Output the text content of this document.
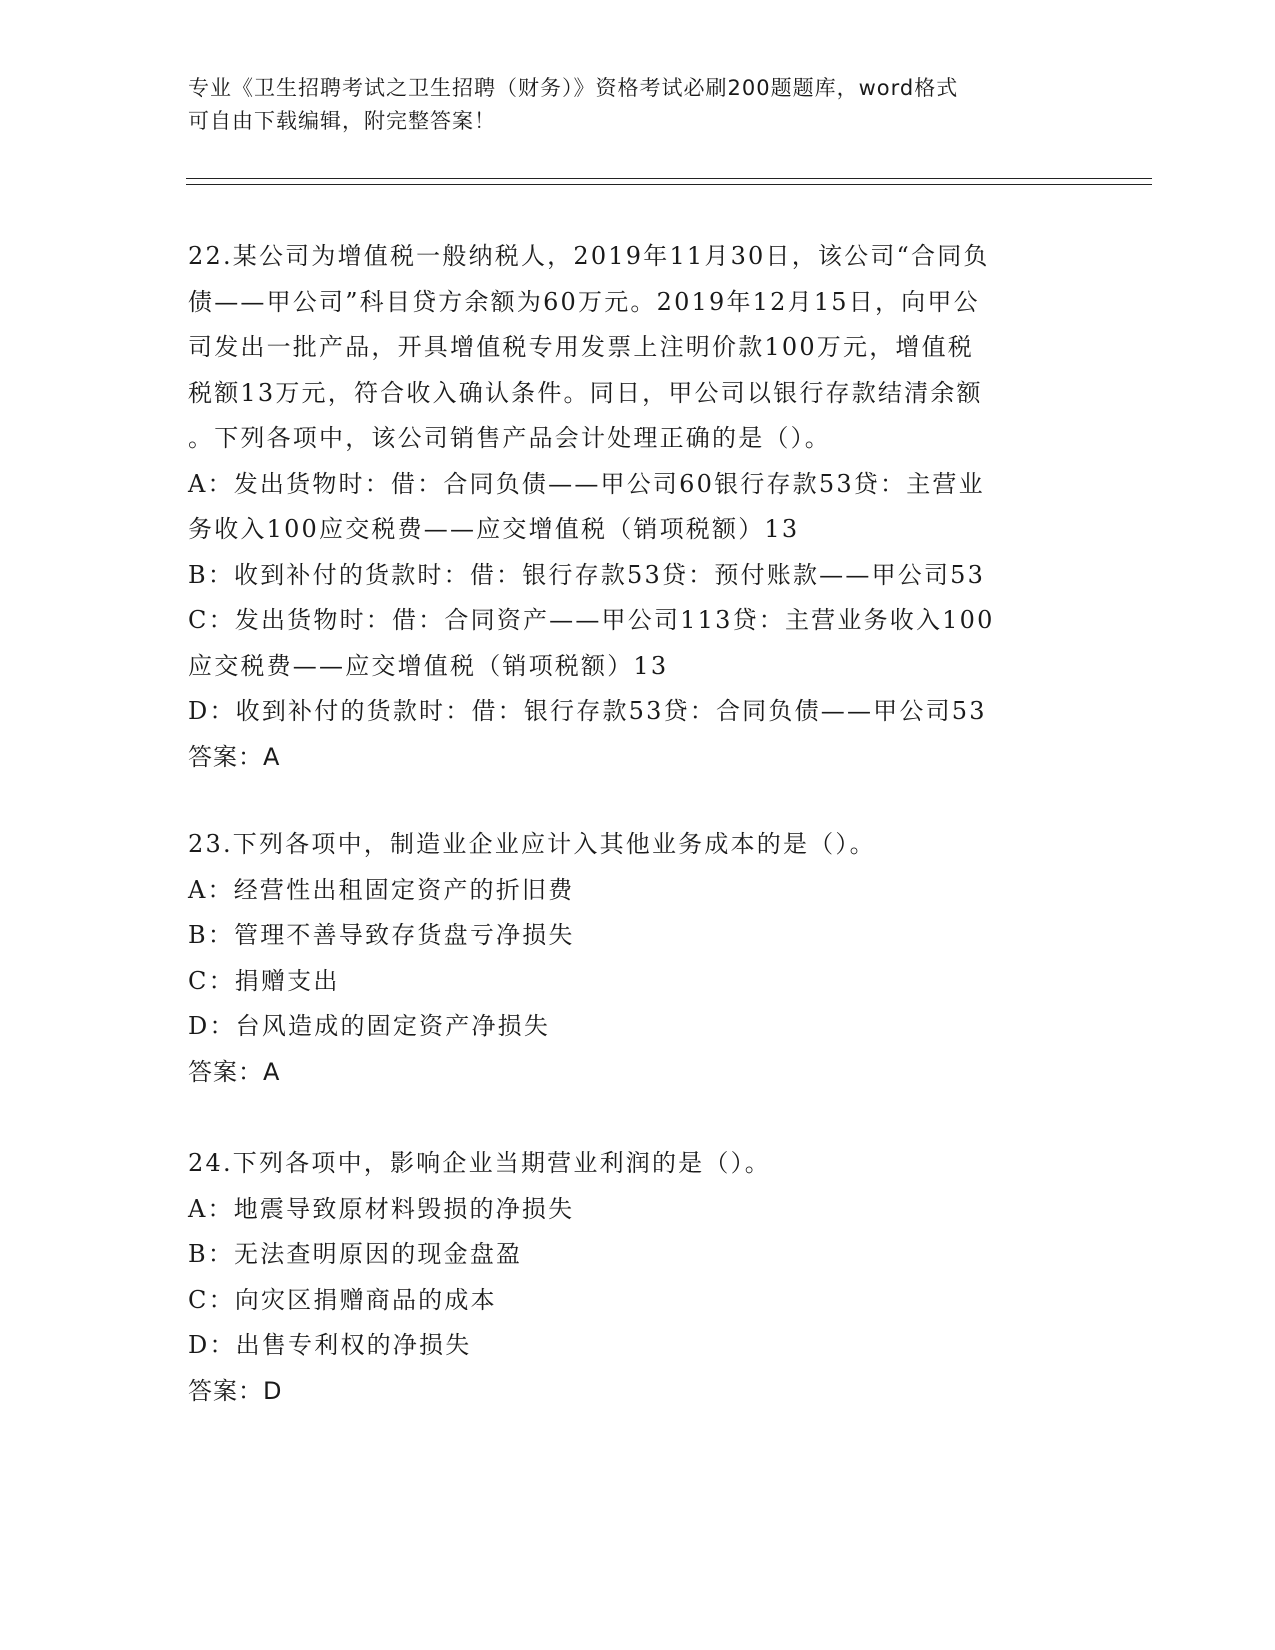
专业《卫生招聘考试之卫生招聘（财务）》资格考试必刷200题题库，word格式
可自由下载编辑，附完整答案！
22.某公司为增值税一般纳税人，2019年11月30日，该公司“合同负
债——甲公司”科目贷方余额为60万元。2019年12月15日，向甲公
司发出一批产品，开具增值税专用发票上注明价款100万元，增值税
税额13万元，符合收入确认条件。同日，甲公司以银行存款结清余额
。下列各项中，该公司销售产品会计处理正确的是（）。
A：发出货物时：借：合同负债——甲公司60银行存款53贷：主营业
务收入100应交税费——应交增值税（销项税额）13
B：收到补付的货款时：借：银行存款53贷：预付账款——甲公司53
C：发出货物时：借：合同资产——甲公司113贷：主营业务收入100
应交税费——应交增值税（销项税额）13
D：收到补付的货款时：借：银行存款53贷：合同负债——甲公司53
答案：A
23.下列各项中，制造业企业应计入其他业务成本的是（）。
A：经营性出租固定资产的折旧费
B：管理不善导致存货盘亏净损失
C：捐赠支出
D：台风造成的固定资产净损失
答案：A
24.下列各项中，影响企业当期营业利润的是（）。
A：地震导致原材料毁损的净损失
B：无法查明原因的现金盘盈
C：向灾区捐赠商品的成本
D：出售专利权的净损失
答案：D
